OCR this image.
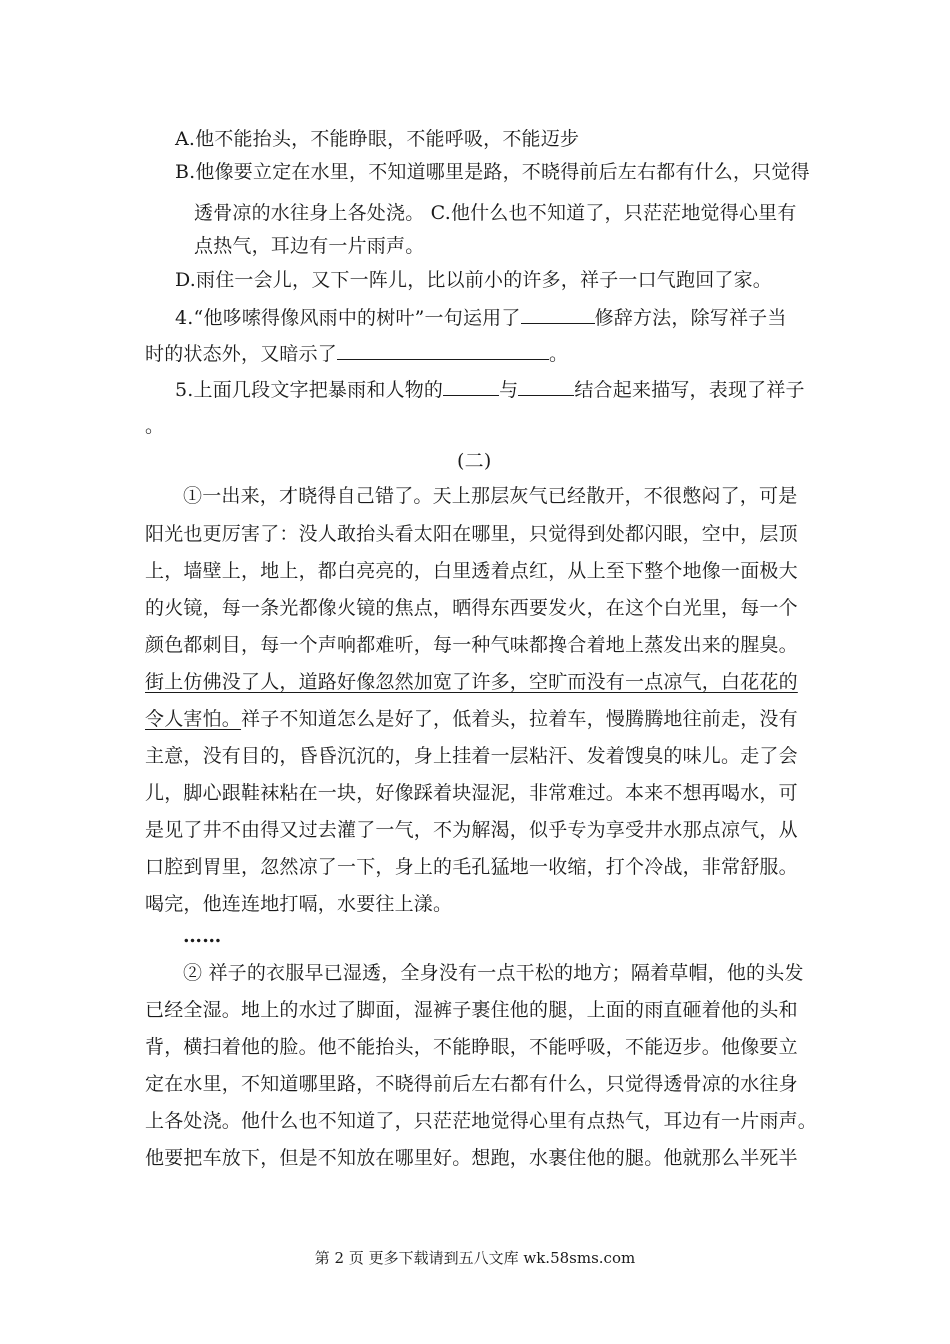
A.他不能抬头，不能睁眼，不能呼吸，不能迈步
B.他像要立定在水里，不知道哪里是路，不晓得前后左右都有什么，只觉得
透骨凉的水往身上各处浇。 C.他什么也不知道了，只茫茫地觉得心里有
点热气，耳边有一片雨声。
D.雨住一会儿，又下一阵儿，比以前小的许多，祥子一口气跑回了家。
4.“他哆嗦得像风雨中的树叶”一句运用了	修辞方法，除写祥子当
时的状态外，又暗示了	。
5.上面几段文字把暴雨和人物的	与	结合起来描写，表现了祥子
。
(二)
①一出来，才晓得自己错了。天上那层灰气已经散开，不很憋闷了，可是
阳光也更厉害了：没人敢抬头看太阳在哪里，只觉得到处都闪眼，空中，层顶
上，墙壁上，地上，都白亮亮的，白里透着点红，从上至下整个地像一面极大
的火镜，每一条光都像火镜的焦点，晒得东西要发火，在这个白光里，每一个
颜色都刺目，每一个声响都难听，每一种气味都搀合着地上蒸发出来的腥臭。
街上仿佛没了人，道路好像忽然加宽了许多，空旷而没有一点凉气，白花花的
令人害怕。祥子不知道怎么是好了，低着头，拉着车，慢腾腾地往前走，没有
主意，没有目的，昏昏沉沉的，身上挂着一层粘汗、发着馊臭的味儿。走了会
儿，脚心跟鞋袜粘在一块，好像踩着块湿泥，非常难过。本来不想再喝水，可
是见了井不由得又过去灌了一气，不为解渴，似乎专为享受井水那点凉气，从
口腔到胃里，忽然凉了一下，身上的毛孔猛地一收缩，打个冷战，非常舒服。
喝完，他连连地打嗝，水要往上漾。
……
② 祥子的衣服早已湿透，全身没有一点干松的地方；隔着草帽，他的头发
已经全湿。地上的水过了脚面，湿裤子裹住他的腿，上面的雨直砸着他的头和
背，横扫着他的脸。他不能抬头，不能睁眼，不能呼吸，不能迈步。他像要立
定在水里，不知道哪里路，不晓得前后左右都有什么，只觉得透骨凉的水往身
上各处浇。他什么也不知道了，只茫茫地觉得心里有点热气，耳边有一片雨声。
他要把车放下，但是不知放在哪里好。想跑，水裹住他的腿。他就那么半死半
第 2 页 更多下载请到五八文库 wk.58sms.com
